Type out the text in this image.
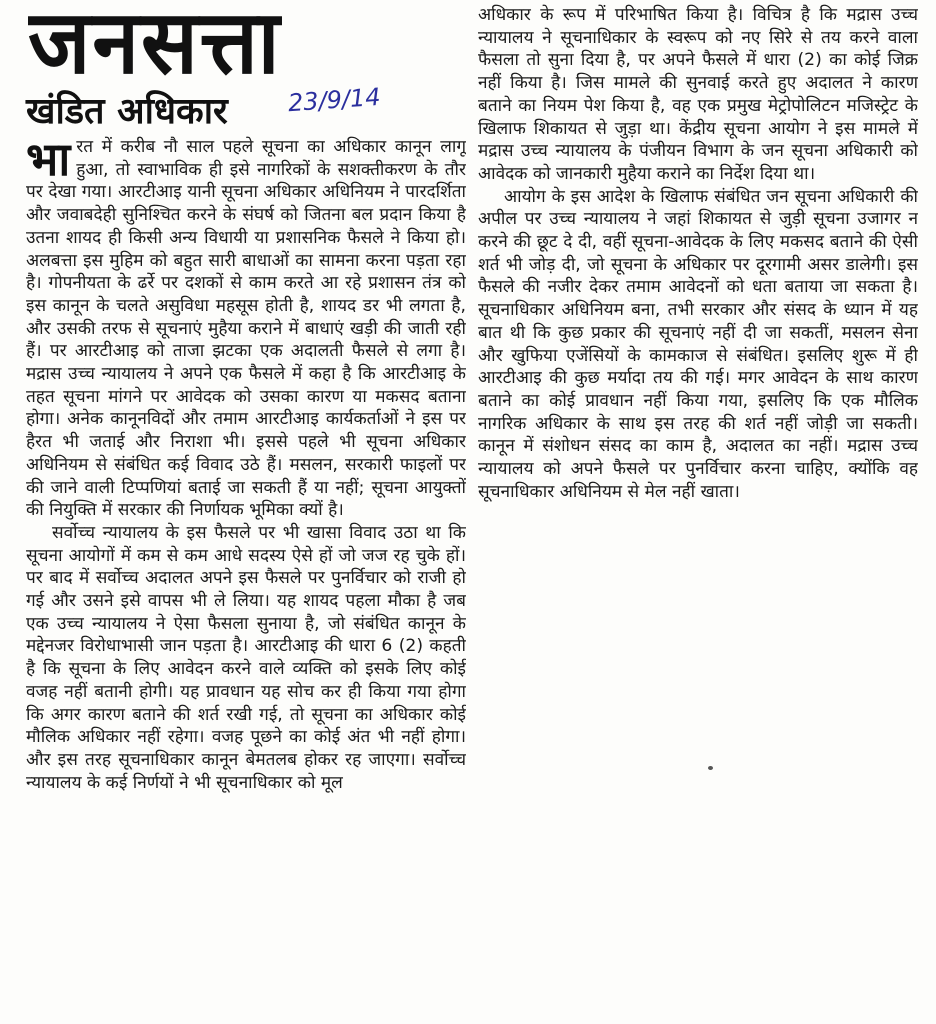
जनसत्ता
खंडित अधिकार 23/9/14

भारत में करीब नौ साल पहले सूचना का अधिकार कानून लागू हुआ, तो स्वाभाविक ही इसे नागरिकों के सशक्तीकरण के तौर पर देखा गया। आरटीआइ यानी सूचना अधिकार अधिनियम ने पारदर्शिता और जवाबदेही सुनिश्चित करने के संघर्ष को जितना बल प्रदान किया है उतना शायद ही किसी अन्य विधायी या प्रशासनिक फैसले ने किया हो। अलबत्ता इस मुहिम को बहुत सारी बाधाओं का सामना करना पड़ता रहा है। गोपनीयता के ढर्रे पर दशकों से काम करते आ रहे प्रशासन तंत्र को इस कानून के चलते असुविधा महसूस होती है, शायद डर भी लगता है, और उसकी तरफ से सूचनाएं मुहैया कराने में बाधाएं खड़ी की जाती रही हैं। पर आरटीआइ को ताजा झटका एक अदालती फैसले से लगा है। मद्रास उच्च न्यायालय ने अपने एक फैसले में कहा है कि आरटीआइ के तहत सूचना मांगने पर आवेदक को उसका कारण या मकसद बताना होगा। अनेक कानूनविदों और तमाम आरटीआइ कार्यकर्ताओं ने इस पर हैरत भी जताई और निराशा भी। इससे पहले भी सूचना अधिकार अधिनियम से संबंधित कई विवाद उठे हैं। मसलन, सरकारी फाइलों पर की जाने वाली टिप्पणियां बताई जा सकती हैं या नहीं; सूचना आयुक्तों की नियुक्ति में सरकार की निर्णायक भूमिका क्यों है।

सर्वोच्च न्यायालय के इस फैसले पर भी खासा विवाद उठा था कि सूचना आयोगों में कम से कम आधे सदस्य ऐसे हों जो जज रह चुके हों। पर बाद में सर्वोच्च अदालत अपने इस फैसले पर पुनर्विचार को राजी हो गई और उसने इसे वापस भी ले लिया। यह शायद पहला मौका है जब एक उच्च न्यायालय ने ऐसा फैसला सुनाया है, जो संबंधित कानून के मद्देनजर विरोधाभासी जान पड़ता है। आरटीआइ की धारा 6 (2) कहती है कि सूचना के लिए आवेदन करने वाले व्यक्ति को इसके लिए कोई वजह नहीं बतानी होगी। यह प्रावधान यह सोच कर ही किया गया होगा कि अगर कारण बताने की शर्त रखी गई, तो सूचना का अधिकार कोई मौलिक अधिकार नहीं रहेगा। वजह पूछने का कोई अंत भी नहीं होगा। और इस तरह सूचनाधिकार कानून बेमतलब होकर रह जाएगा। सर्वोच्च न्यायालय के कई निर्णयों ने भी सूचनाधिकार को मूल

अधिकार के रूप में परिभाषित किया है। विचित्र है कि मद्रास उच्च न्यायालय ने सूचनाधिकार के स्वरूप को नए सिरे से तय करने वाला फैसला तो सुना दिया है, पर अपने फैसले में धारा (2) का कोई जिक्र नहीं किया है। जिस मामले की सुनवाई करते हुए अदालत ने कारण बताने का नियम पेश किया है, वह एक प्रमुख मेट्रोपोलिटन मजिस्ट्रेट के खिलाफ शिकायत से जुड़ा था। केंद्रीय सूचना आयोग ने इस मामले में मद्रास उच्च न्यायालय के पंजीयन विभाग के जन सूचना अधिकारी को आवेदक को जानकारी मुहैया कराने का निर्देश दिया था।

आयोग के इस आदेश के खिलाफ संबंधित जन सूचना अधिकारी की अपील पर उच्च न्यायालय ने जहां शिकायत से जुड़ी सूचना उजागर न करने की छूट दे दी, वहीं सूचना-आवेदक के लिए मकसद बताने की ऐसी शर्त भी जोड़ दी, जो सूचना के अधिकार पर दूरगामी असर डालेगी। इस फैसले की नजीर देकर तमाम आवेदनों को धता बताया जा सकता है। सूचनाधिकार अधिनियम बना, तभी सरकार और संसद के ध्यान में यह बात थी कि कुछ प्रकार की सूचनाएं नहीं दी जा सकतीं, मसलन सेना और खुफिया एजेंसियों के कामकाज से संबंधित। इसलिए शुरू में ही आरटीआइ की कुछ मर्यादा तय की गई। मगर आवेदन के साथ कारण बताने का कोई प्रावधान नहीं किया गया, इसलिए कि एक मौलिक नागरिक अधिकार के साथ इस तरह की शर्त नहीं जोड़ी जा सकती। कानून में संशोधन संसद का काम है, अदालत का नहीं। मद्रास उच्च न्यायालय को अपने फैसले पर पुनर्विचार करना चाहिए, क्योंकि वह सूचनाधिकार अधिनियम से मेल नहीं खाता।
